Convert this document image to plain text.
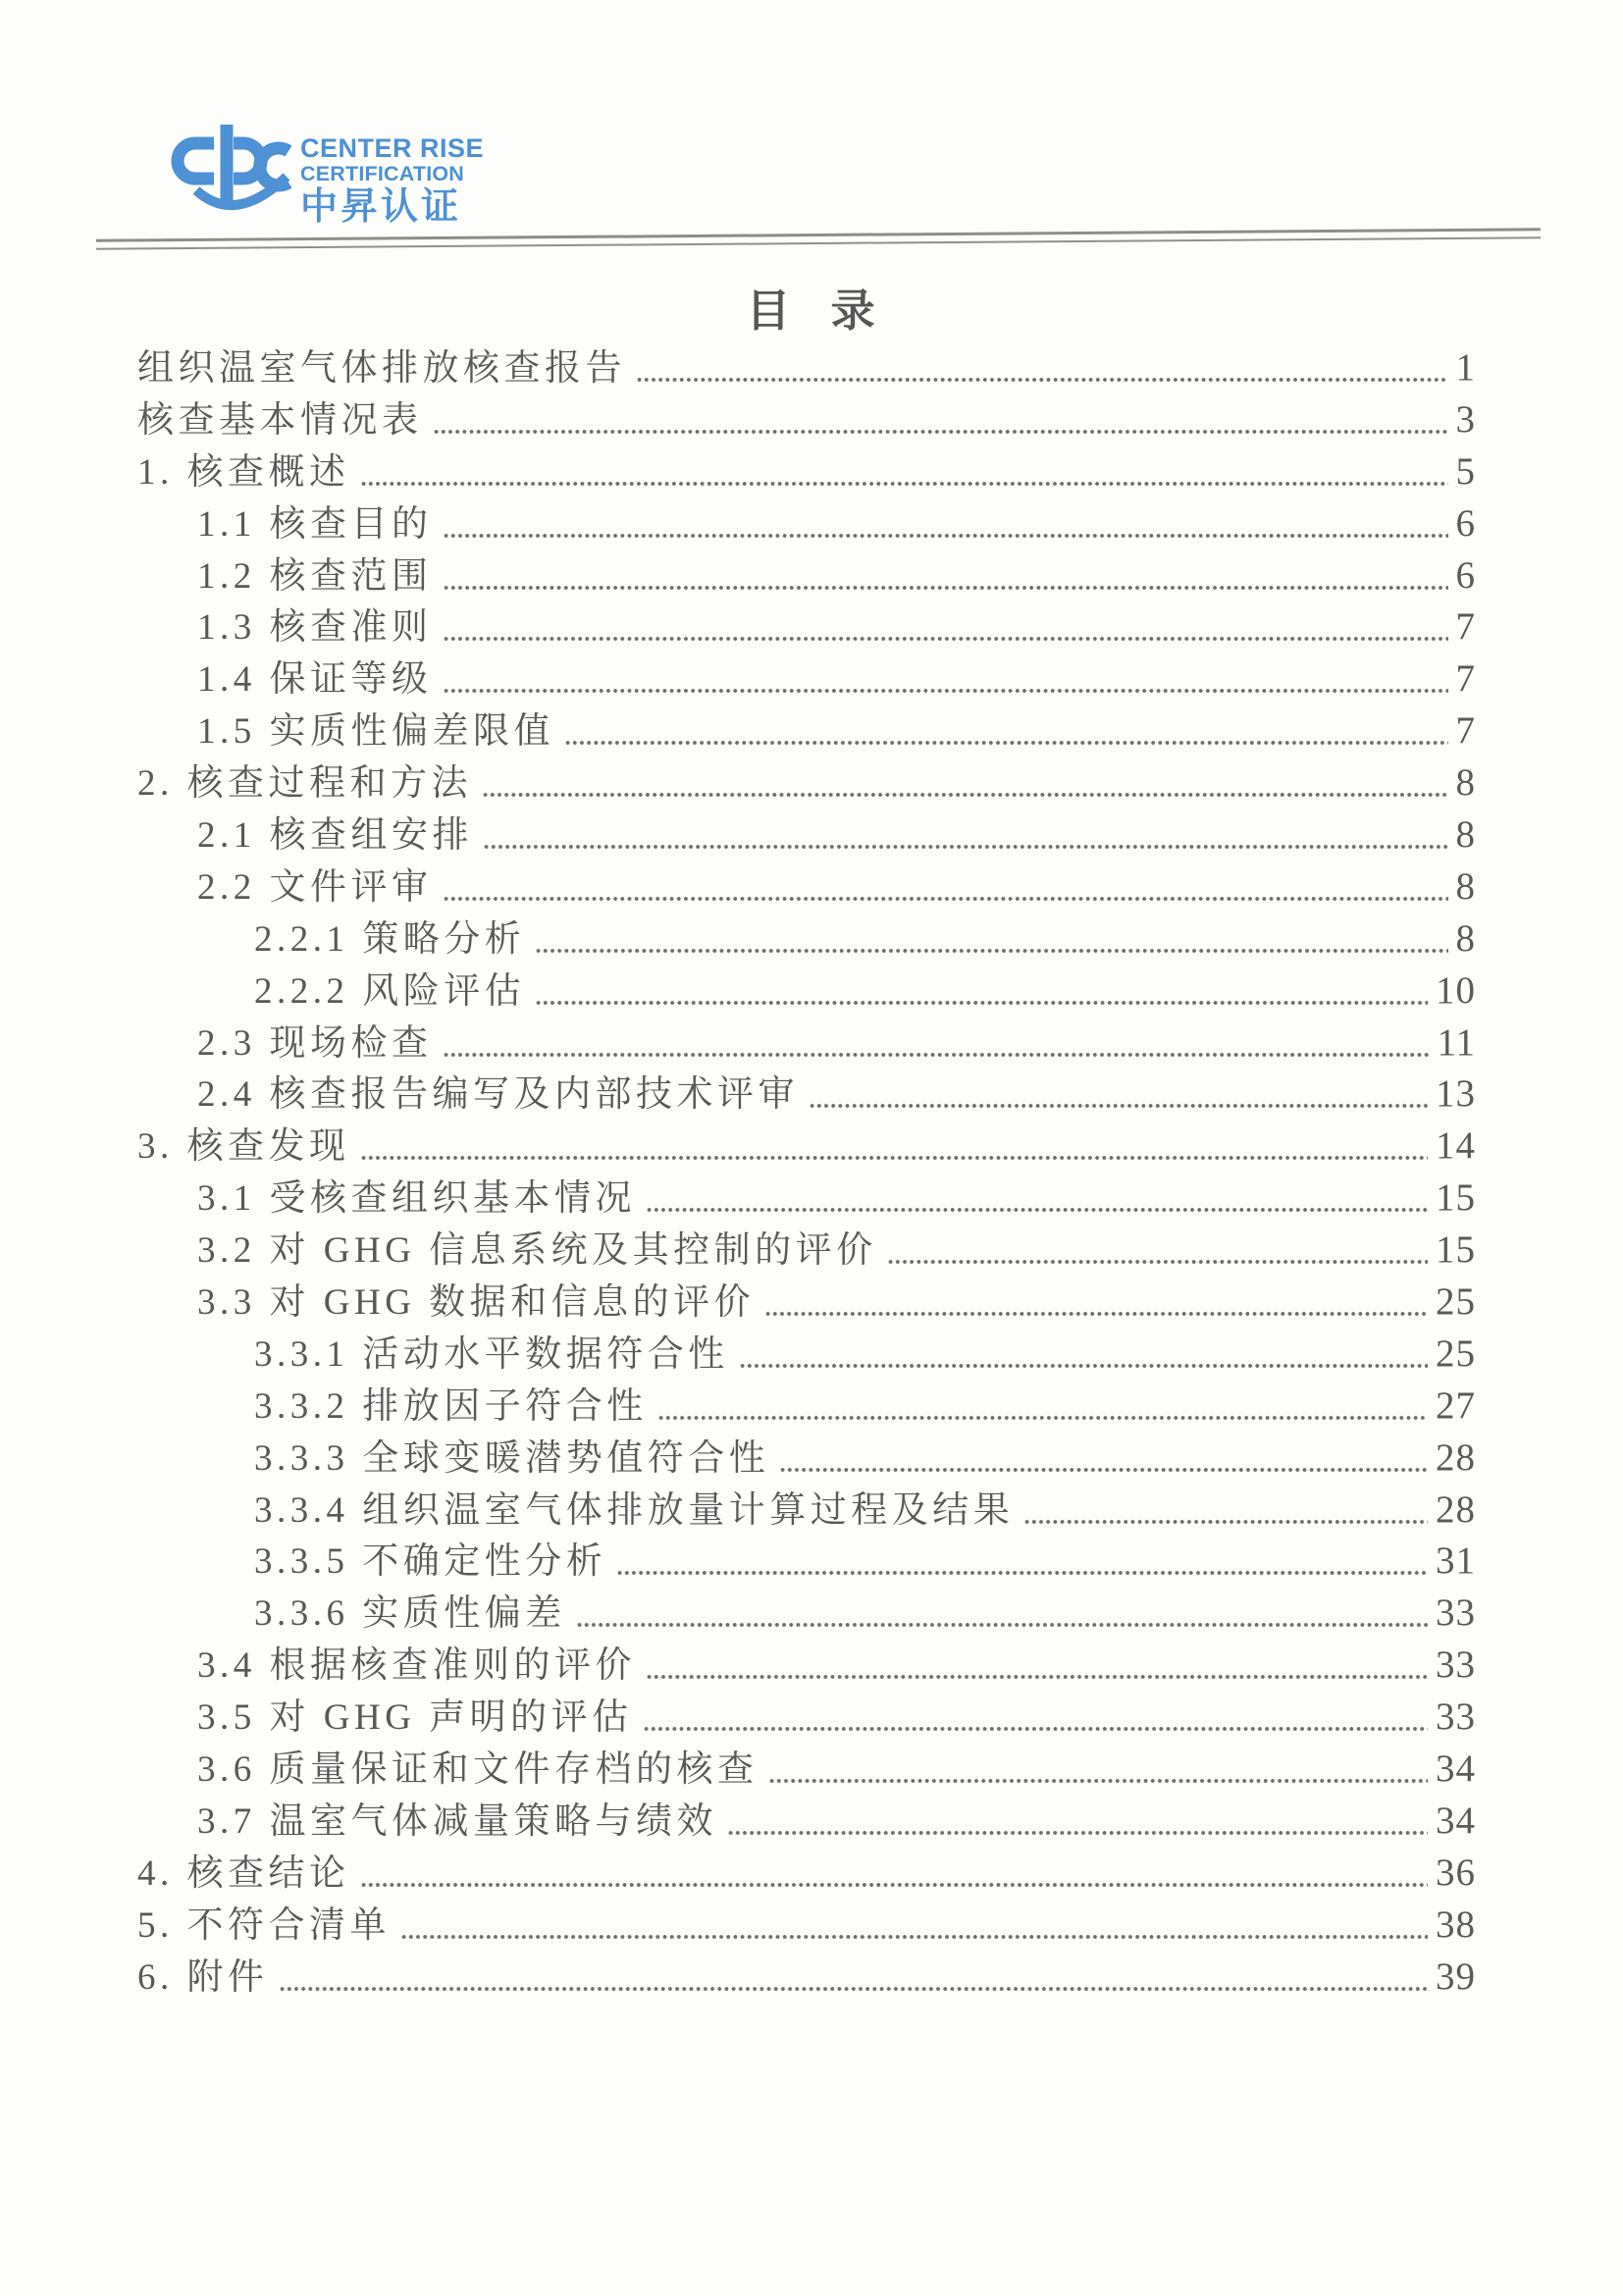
CENTER RISE
CERTIFICATION
中昇认证
目 录
组织温室气体排放核查报告	1
核查基本情况表	3
1. 核查概述	5
1.1 核查目的	6
1.2 核查范围	6
1.3 核查准则	7
1.4 保证等级	7
1.5 实质性偏差限值	7
2. 核查过程和方法	8
2.1 核查组安排	8
2.2 文件评审	8
2.2.1 策略分析	8
2.2.2 风险评估	10
2.3 现场检查	11
2.4 核查报告编写及内部技术评审	13
3. 核查发现	14
3.1 受核查组织基本情况	15
3.2 对 GHG 信息系统及其控制的评价	15
3.3 对 GHG 数据和信息的评价	25
3.3.1 活动水平数据符合性	25
3.3.2 排放因子符合性	27
3.3.3 全球变暖潜势值符合性	28
3.3.4 组织温室气体排放量计算过程及结果	28
3.3.5 不确定性分析	31
3.3.6 实质性偏差	33
3.4 根据核查准则的评价	33
3.5 对 GHG 声明的评估	33
3.6 质量保证和文件存档的核查	34
3.7 温室气体减量策略与绩效	34
4. 核查结论	36
5. 不符合清单	38
6. 附件	39
